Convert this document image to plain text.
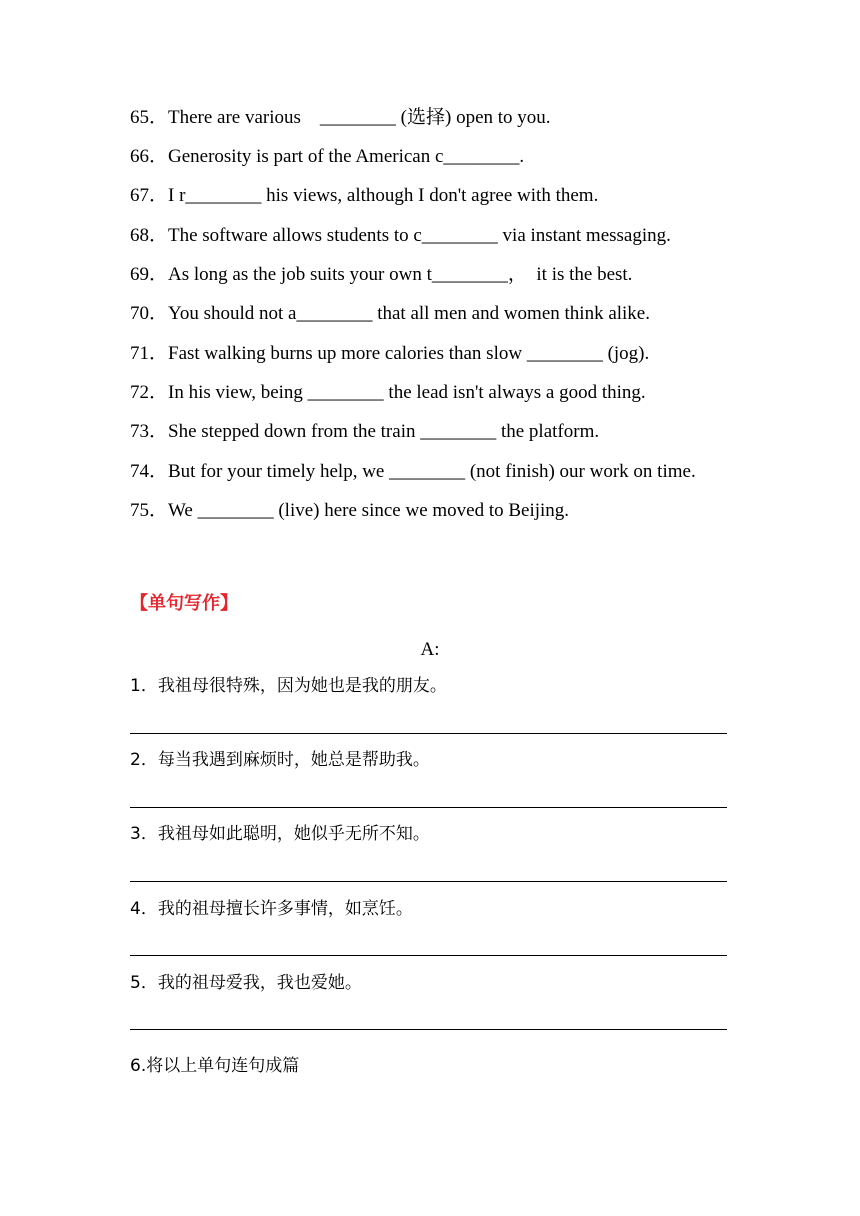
65．There are various    ________ (选择) open to you.
66．Generosity is part of the American c________.
67．I r________ his views, although I don't agree with them.
68．The software allows students to c________ via instant messaging.
69．As long as the job suits your own t________，  it is the best.
70．You should not a________ that all men and women think alike.
71．Fast walking burns up more calories than slow ________ (jog).
72．In his view, being ________ the lead isn't always a good thing.
73．She stepped down from the train ________ the platform.
74．But for your timely help, we ________ (not finish) our work on time.
75．We ________ (live) here since we moved to Beijing.
【单句写作】
A:
1．我祖母很特殊，因为她也是我的朋友。
2．每当我遇到麻烦时，她总是帮助我。
3．我祖母如此聪明，她似乎无所不知。
4．我的祖母擅长许多事情，如烹饪。
5．我的祖母爱我，我也爱她。
6.将以上单句连句成篇
